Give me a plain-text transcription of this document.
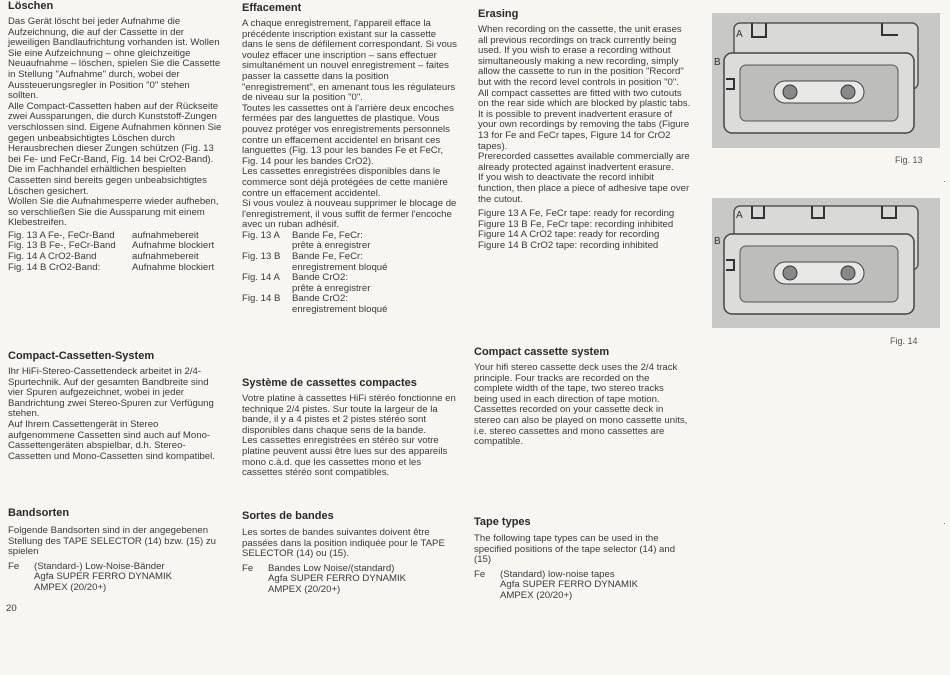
Löschen

Das Gerät löscht bei jeder Aufnahme die Aufzeichnung, die auf der Cassette in der jeweiligen Bandlaufrichtung vorhanden ist. Wollen Sie eine Aufzeichnung – ohne gleichzeitige Neuaufnahme – löschen, spielen Sie die Cassette in Stellung "Aufnahme" durch, wobei der Aussteuerungsregler in Position "0" stehen sollten.

Alle Compact-Cassetten haben auf der Rückseite zwei Aussparungen, die durch Kunststoff-Zungen verschlossen sind. Eigene Aufnahmen können Sie gegen unbeabsichtigtes Löschen durch Herausbrechen dieser Zungen schützen (Fig. 13 bei Fe- und FeCr-Band, Fig. 14 bei CrO2-Band).

Die im Fachhandel erhältlichen bespielten Cassetten sind bereits gegen unbeabsichtigtes Löschen gesichert.

Wollen Sie die Aufnahmesperre wieder aufheben, so verschließen Sie die Aussparung mit einem Klebestreifen.

Fig. 13 A Fe-, FeCr-Band	aufnahmebereit
Fig. 13 B Fe-, FeCr-Band	Aufnahme blockiert
Fig. 14 A CrO2-Band	aufnahmebereit
Fig. 14 B CrO2-Band:	Aufnahme blockiert
Compact-Cassetten-System

Ihr HiFi-Stereo-Cassettendeck arbeitet in 2/4-Spurtechnik. Auf der gesamten Bandbreite sind vier Spuren aufgezeichnet, wobei in jeder Bandrichtung zwei Stereo-Spuren zur Verfügung stehen.

Auf Ihrem Cassettengerät in Stereo aufgenommene Cassetten sind auch auf Mono-Cassettengeräten abspielbar, d.h. Stereo-Cassetten und Mono-Cassetten sind kompatibel.

Bandsorten

Folgende Bandsorten sind in der angegebenen Stellung des TAPE SELECTOR (14) bzw. (15) zu spielen

Fe	(Standard-) Low-Noise-Bänder
Agfa SUPER FERRO DYNAMIK
AMPEX (20/20+)
20
Effacement

A chaque enregistrement, l'appareil efface la précédente inscription existant sur la cassette dans le sens de défilement correspondant. Si vous voulez effacer une inscription – sans effectuer simultanément un nouvel enregistrement – faites passer la cassette dans la position "enregistrement", en amenant tous les régulateurs de niveau sur la position "0".

Toutes les cassettes ont à l'arrière deux encoches fermées par des languettes de plastique. Vous pouvez protéger vos enregistrements personnels contre un effacement accidentel en brisant ces languettes (Fig. 13 pour les bandes Fe et FeCr, Fig. 14 pour les bandes CrO2).

Les cassettes enregistrées disponibles dans le commerce sont déjà protégées de cette manière contre un effacement accidentel.

Si vous voulez à nouveau supprimer le blocage de l'enregistrement, il vous suffit de fermer l'encoche avec un ruban adhésif.

Fig. 13 A	Bande Fe, FeCr:
prête à enregistrer
Fig. 13 B	Bande Fe, FeCr:
enregistrement bloqué
Fig. 14 A	Bande CrO2:
prête à enregistrer
Fig. 14 B	Bande CrO2:
enregistrement bloqué
Système de cassettes compactes

Votre platine à cassettes HiFi stéréo fonctionne en technique 2/4 pistes. Sur toute la largeur de la bande, il y a 4 pistes et 2 pistes stéréo sont disponibles dans chaque sens de la bande.

Les cassettes enregistrées en stéréo sur votre platine peuvent aussi être lues sur des appareils mono c.à.d. que les cassettes mono et les cassettes stéréo sont compatibles.

Sortes de bandes

Les sortes de bandes suivantes doivent être passées dans la position indiquée pour le TAPE SELECTOR (14) ou (15).

Fe	Bandes Low Noise/(standard)
Agfa SUPER FERRO DYNAMIK
AMPEX (20/20+)
Erasing

When recording on the cassette, the unit erases all previous recordings on track currently being used. If you wish to erase a recording without simultaneously making a new recording, simply allow the cassette to run in the position "Record" but with the record level controls in position "0".

All compact cassettes are fitted with two cutouts on the rear side which are blocked by plastic tabs. It is possible to prevent inadvertent erasure of your own recordings by removing the tabs (Figure 13 for Fe and FeCr tapes, Figure 14 for CrO2 tapes).

Prerecorded cassettes available commercially are already protected against inadvertent erasure.

If you wish to deactivate the record inhibit function, then place a piece of adhesive tape over the cutout.

Figure 13 A Fe, FeCr tape: ready for recording
Figure 13 B Fe, FeCr tape: recording inhibited
Figure 14 A CrO2 tape: ready for recording
Figure 14 B CrO2 tape: recording inhibited
Compact cassette system

Your hifi stereo cassette deck uses the 2/4 track principle. Four tracks are recorded on the complete width of the tape, two stereo tracks being used in each direction of tape motion.

Cassettes recorded on your cassette deck in stereo can also be played on mono cassette units, i.e. stereo cassettes and mono cassettes are compatible.

Tape types

The following tape types can be used in the specified positions of the tape selector (14) and (15)

Fe	(Standard) low-noise tapes
Agfa SUPER FERRO DYNAMIK
AMPEX (20/20+)
A
B
Fig. 13
A
B
Fig. 14
·
·
